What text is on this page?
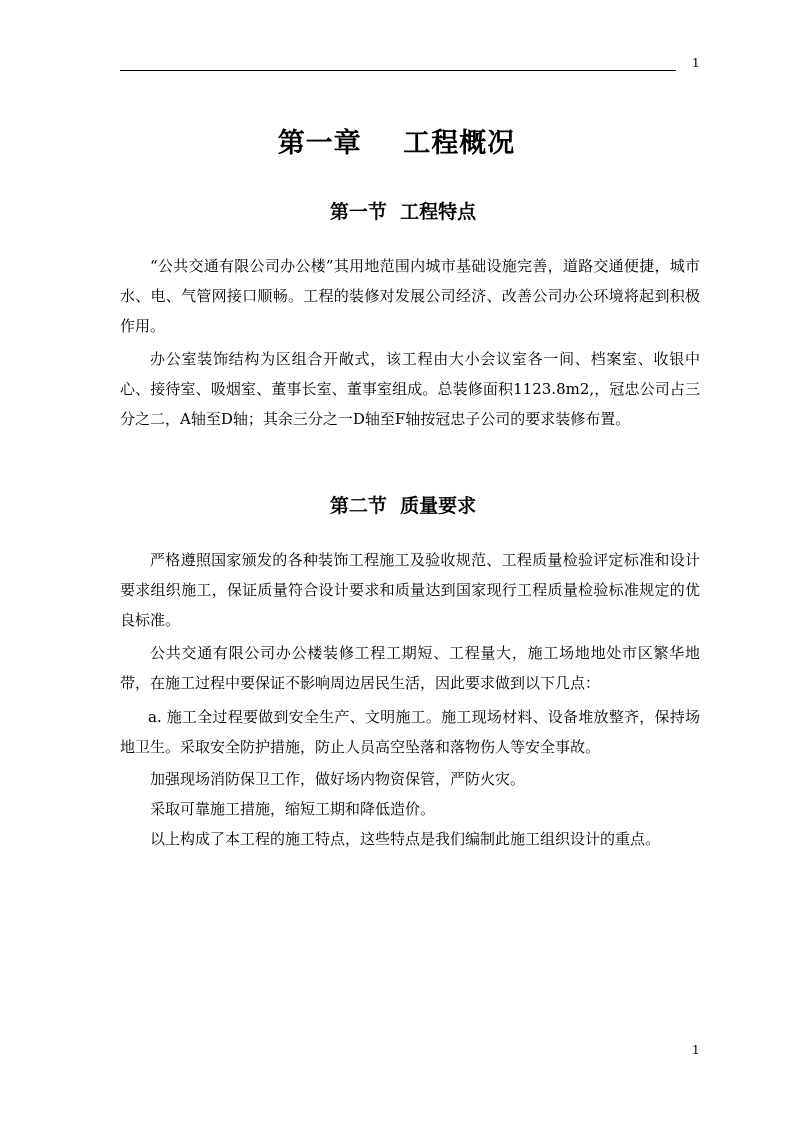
1
第一章    工程概况
第一节  工程特点

“公共交通有限公司办公楼”其用地范围内城市基础设施完善，道路交通便捷，城市水、电、气管网接口顺畅。工程的装修对发展公司经济、改善公司办公环境将起到积极作用。

办公室装饰结构为区组合开敞式，该工程由大小会议室各一间、档案室、收银中心、接待室、吸烟室、董事长室、董事室组成。总装修面积1123.8m2,，冠忠公司占三分之二，A轴至D轴；其余三分之一D轴至F轴按冠忠子公司的要求装修布置。

第二节  质量要求

严格遵照国家颁发的各种装饰工程施工及验收规范、工程质量检验评定标准和设计要求组织施工，保证质量符合设计要求和质量达到国家现行工程质量检验标准规定的优良标准。

公共交通有限公司办公楼装修工程工期短、工程量大，施工场地地处市区繁华地带，在施工过程中要保证不影响周边居民生活，因此要求做到以下几点：

a. 施工全过程要做到安全生产、文明施工。施工现场材料、设备堆放整齐，保持场地卫生。采取安全防护措施，防止人员高空坠落和落物伤人等安全事故。

加强现场消防保卫工作，做好场内物资保管，严防火灾。

采取可靠施工措施，缩短工期和降低造价。

以上构成了本工程的施工特点，这些特点是我们编制此施工组织设计的重点。

1
